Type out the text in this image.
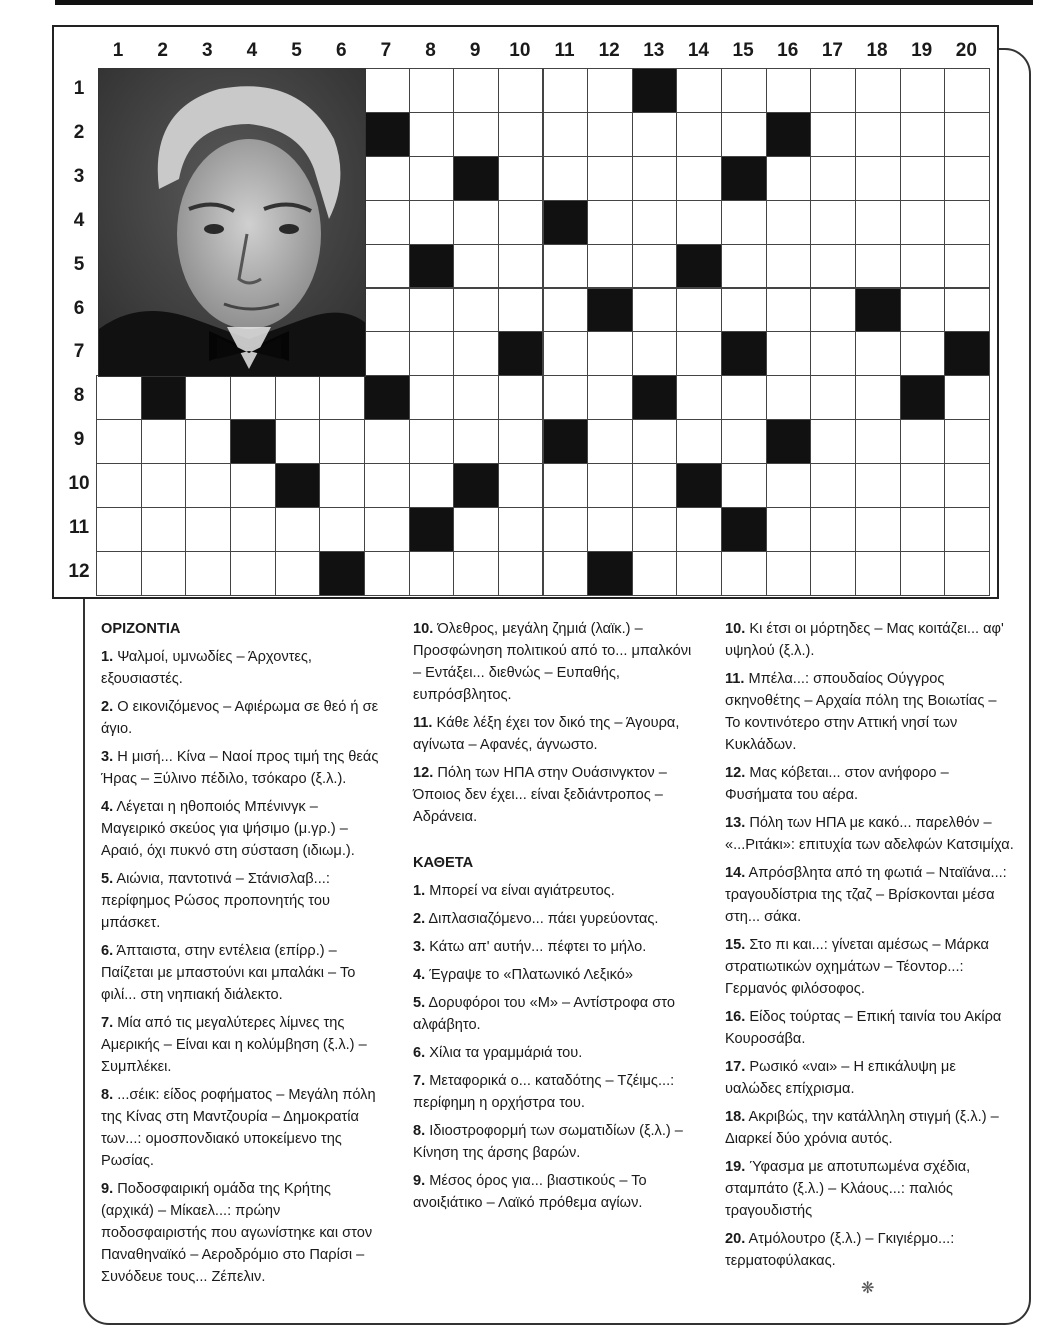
1	2	3	4	5	6	7	8	9	10	11	12	13	14	15	16	17	18	19	20
1
2
3
4
5
6
7
8
9
10
11
12
ΟΡΙΖΟΝΤΙΑ

1. Ψαλμοί, υμνωδίες – Άρχοντες, εξουσιαστές.

2. Ο εικονιζόμενος – Αφιέρωμα σε θεό ή σε άγιο.

3. Η μισή... Κίνα – Ναοί προς τιμή της θεάς Ήρας – Ξύλινο πέδιλο, τσόκαρο (ξ.λ.).

4. Λέγεται η ηθοποιός Μπένινγκ – Μαγειρικό σκεύος για ψήσιμο (μ.γρ.) – Αραιό, όχι πυκνό στη σύσταση (ιδιωμ.).

5. Αιώνια, παντοτινά – Στάνισλαβ...: περίφημος Ρώσος προπονητής του μπάσκετ.

6. Άπταιστα, στην εντέλεια (επίρρ.) – Παίζεται με μπαστούνι και μπαλάκι – Το φιλί... στη νηπιακή διάλεκτο.

7. Μία από τις μεγαλύτερες λίμνες της Αμερικής – Είναι και η κολύμβηση (ξ.λ.) – Συμπλέκει.

8. ...σέικ: είδος ροφήματος – Μεγάλη πόλη της Κίνας στη Μαντζουρία – Δημοκρατία των...: ομοσπονδιακό υποκείμενο της Ρωσίας.

9. Ποδοσφαιρική ομάδα της Κρήτης (αρχικά) – Μίκαελ...: πρώην ποδοσφαιριστής που αγωνίστηκε και στον Παναθηναϊκό – Αεροδρόμιο στο Παρίσι – Συνόδευε τους... Ζέπελιν.

10. Όλεθρος, μεγάλη ζημιά (λαϊκ.) – Προσφώνηση πολιτικού από το... μπαλκόνι – Εντάξει... διεθνώς – Ευπαθής, ευπρόσβλητος.

11. Κάθε λέξη έχει τον δικό της – Άγουρα, αγίνωτα – Αφανές, άγνωστο.

12. Πόλη των ΗΠΑ στην Ουάσινγκτον – Όποιος δεν έχει... είναι ξεδιάντροπος – Αδράνεια.

ΚΑΘΕΤΑ

1. Μπορεί να είναι αγιάτρευτος.

2. Διπλασιαζόμενο... πάει γυρεύοντας.

3. Κάτω απ' αυτήν... πέφτει το μήλο.

4. Έγραψε το «Πλατωνικό Λεξικό»

5. Δορυφόροι του «Μ» – Αντίστροφα στο αλφάβητο.

6. Χίλια τα γραμμάριά του.

7. Μεταφορικά ο... καταδότης – Τζέιμς...: περίφημη η ορχήστρα του.

8. Ιδιοστροφορμή των σωματιδίων (ξ.λ.) – Κίνηση της άρσης βαρών.

9. Μέσος όρος για... βιαστικούς – Το ανοιξιάτικο – Λαϊκό πρόθεμα αγίων.

10. Κι έτσι οι μόρτηδες – Μας κοιτάζει... αφ' υψηλού (ξ.λ.).

11. Μπέλα...: σπουδαίος Ούγγρος σκηνοθέτης – Αρχαία πόλη της Βοιωτίας – Το κοντινότερο στην Αττική νησί των Κυκλάδων.

12. Μας κόβεται... στον ανήφορο – Φυσήματα του αέρα.

13. Πόλη των ΗΠΑ με κακό... παρελθόν – «...Ριτάκι»: επιτυχία των αδελφών Κατσιμίχα.

14. Απρόσβλητα από τη φωτιά – Νταϊάνα...: τραγουδίστρια της τζαζ – Βρίσκονται μέσα στη... σάκα.

15. Στο πι και...: γίνεται αμέσως – Μάρκα στρατιωτικών οχημάτων – Τέοντορ...: Γερμανός φιλόσοφος.

16. Είδος τούρτας – Επική ταινία του Ακίρα Κουροσάβα.

17. Ρωσικό «ναι» – Η επικάλυψη με υαλώδες επίχρισμα.

18. Ακριβώς, την κατάλληλη στιγμή (ξ.λ.) – Διαρκεί δύο χρόνια αυτός.

19. Ύφασμα με αποτυπωμένα σχέδια, σταμπάτο (ξ.λ.) – Κλάους...: παλιός τραγουδιστής

20. Ατμόλουτρο (ξ.λ.) – Γκιγιέρμο...: τερματοφύλακας.

❋
